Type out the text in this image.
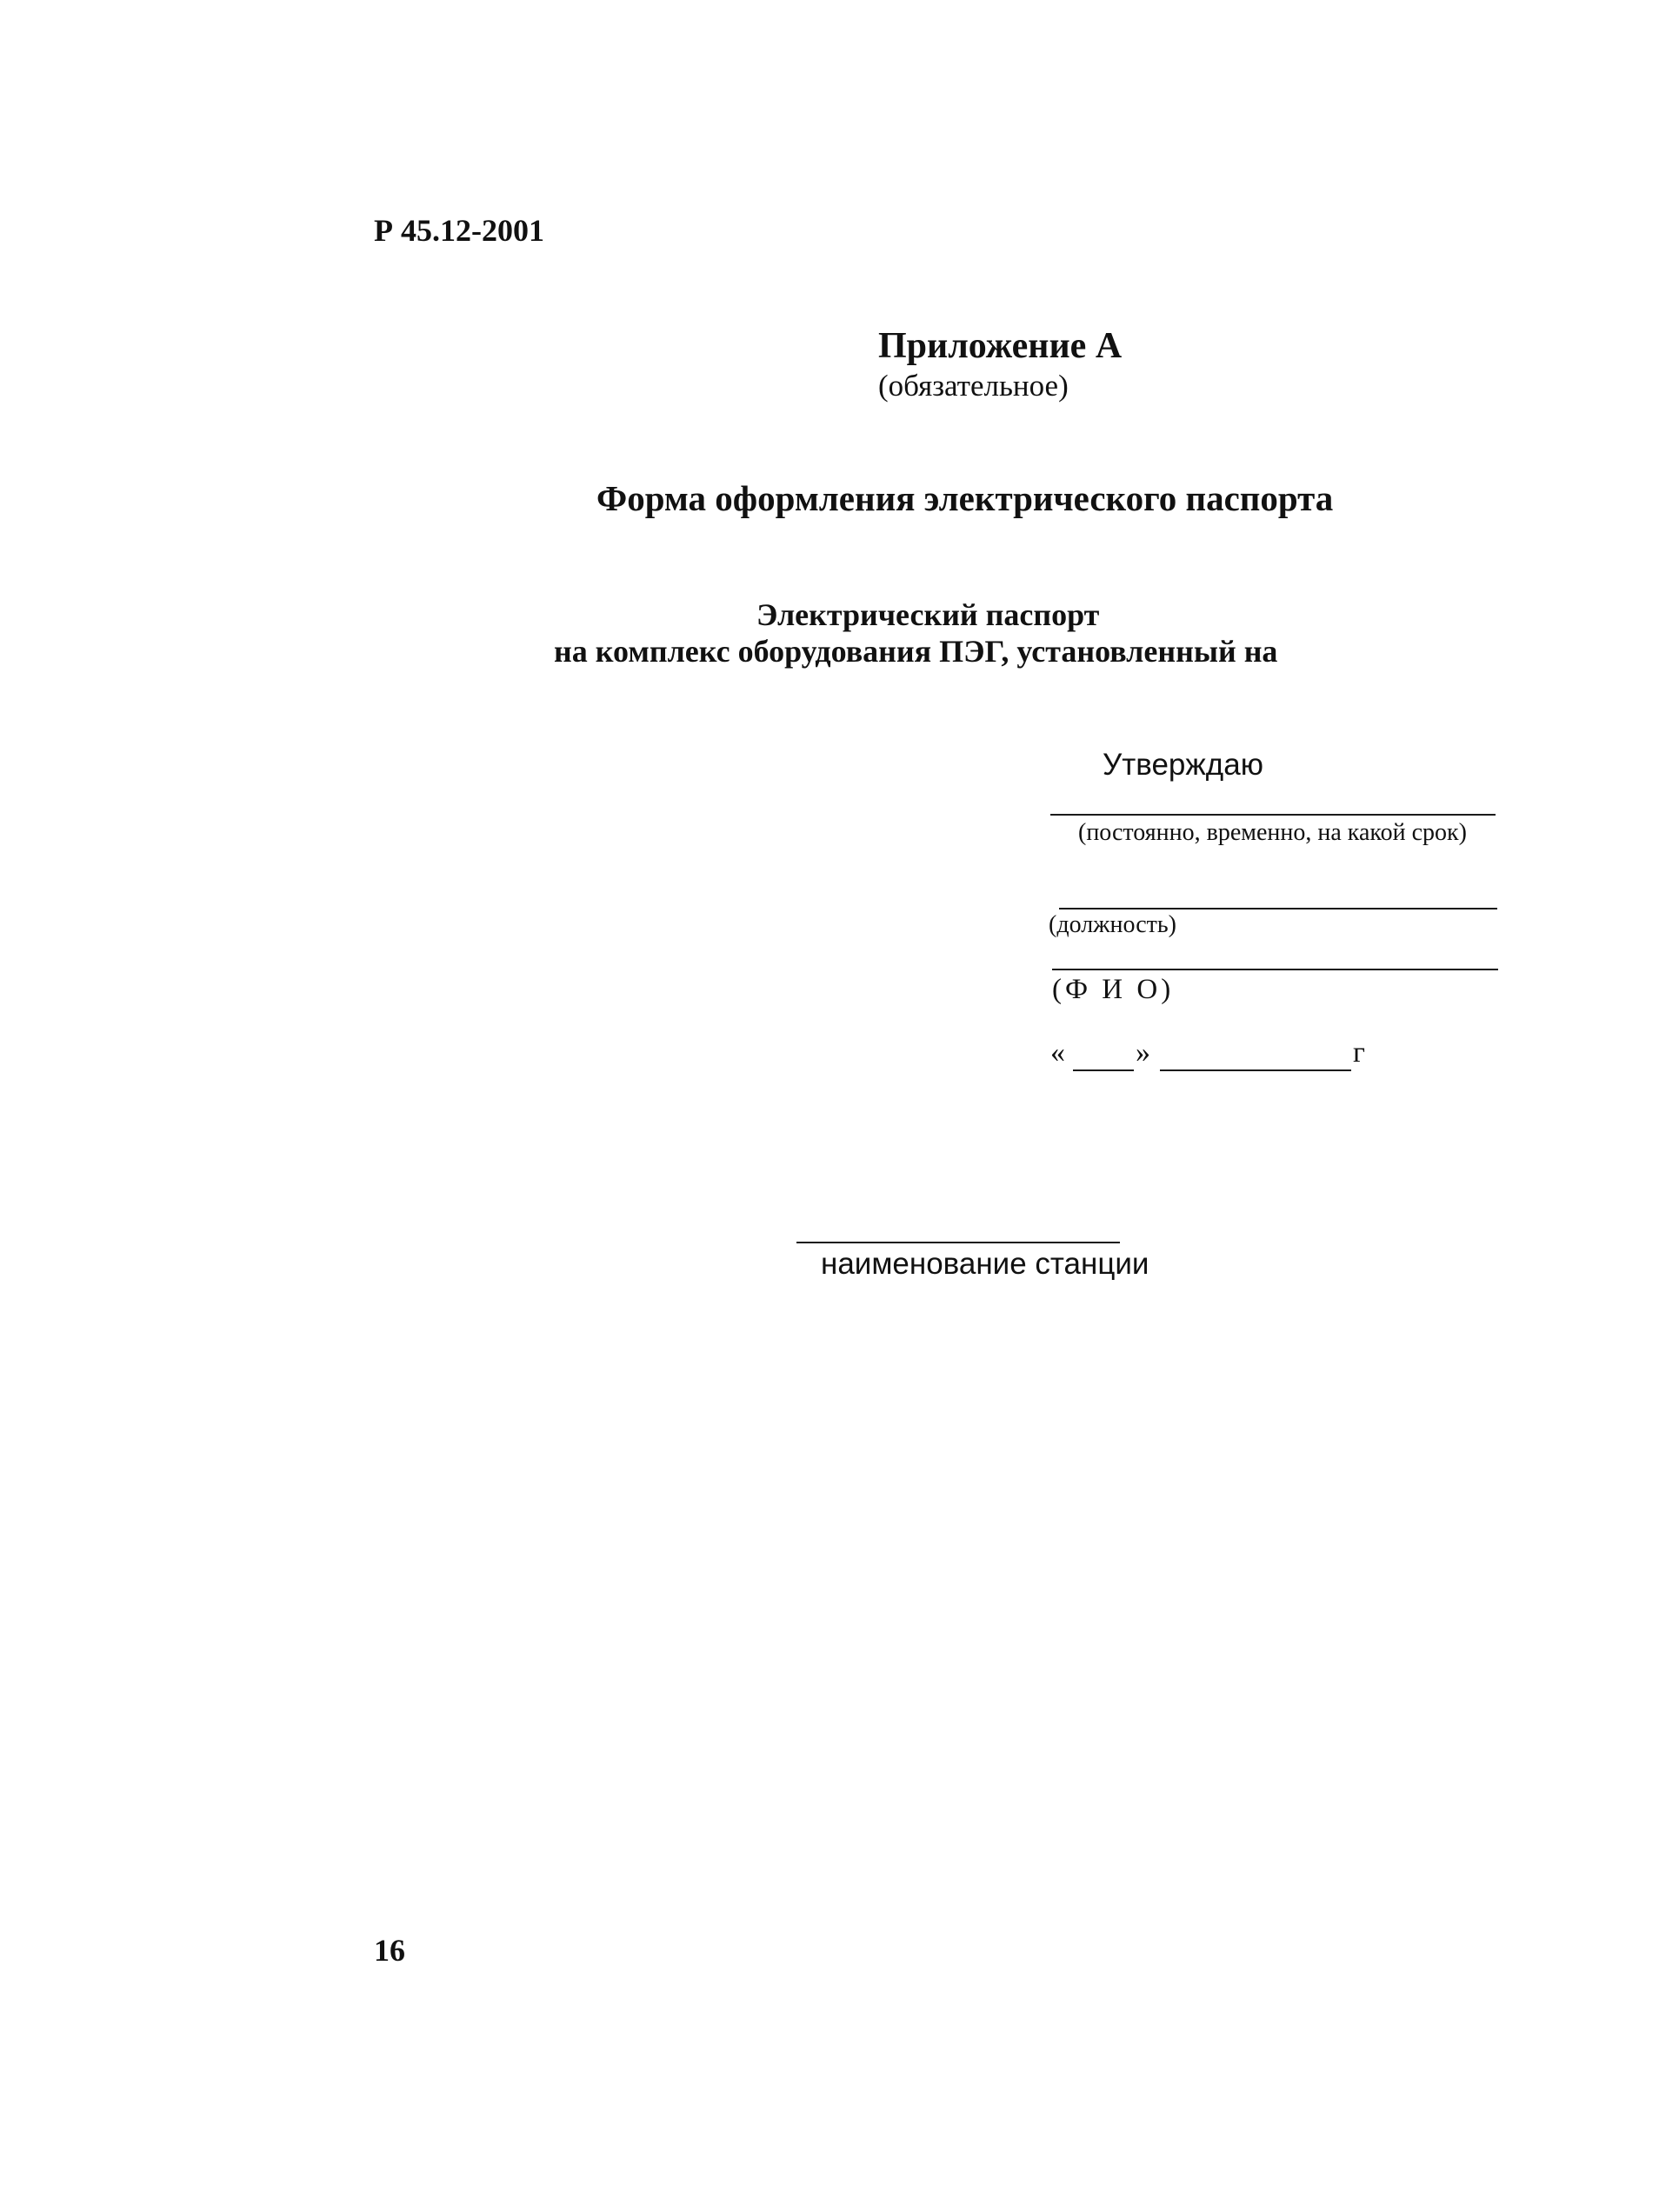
Р 45.12-2001
Приложение А
(обязательное)
Форма оформления электрического паспорта
Электрический паспорт
на комплекс оборудования ПЭГ, установленный на
Утверждаю
(постоянно, временно, на какой срок)
(должность)
(Ф И О)
« »	г
наименование станции
16
